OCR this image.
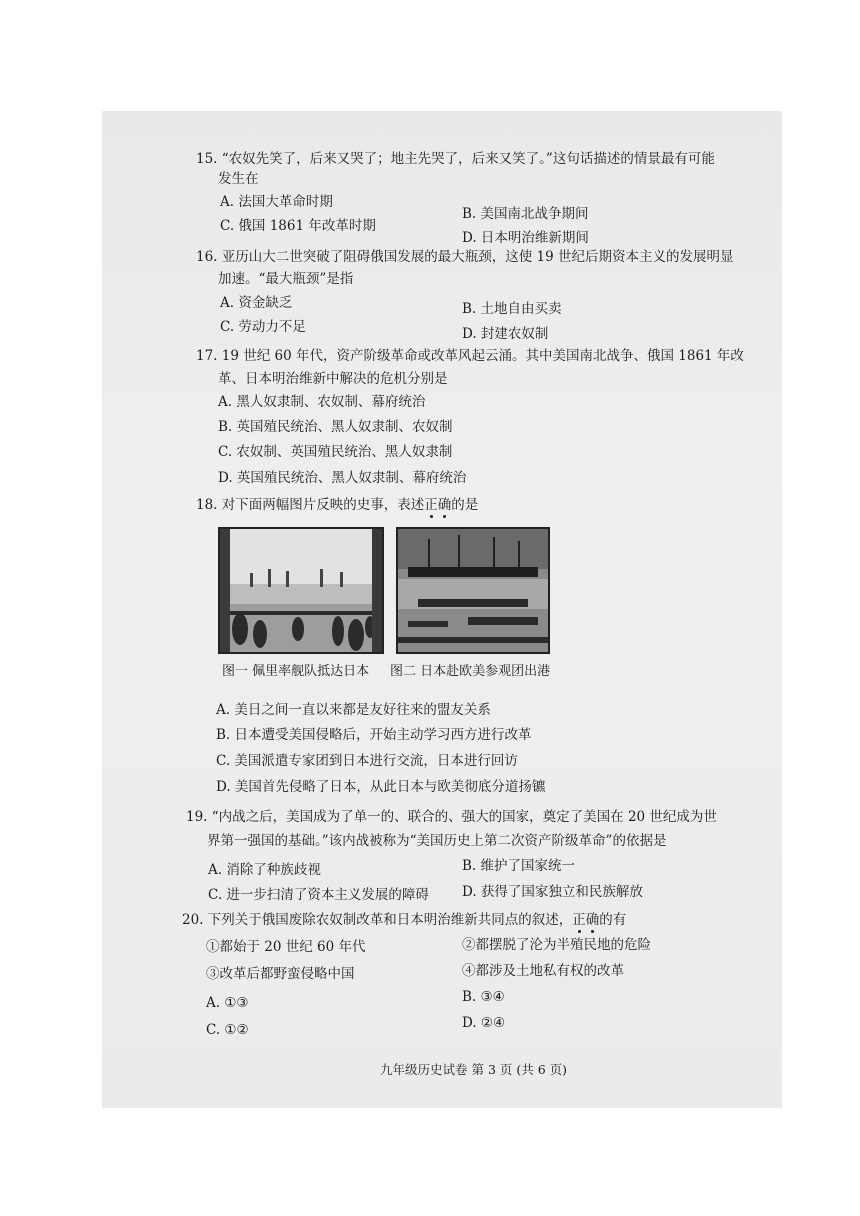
15. “农奴先笑了，后来又哭了；地主先哭了，后来又笑了。”这句话描述的情景最有可能
发生在
A. 法国大革命时期
B. 美国南北战争期间
C. 俄国 1861 年改革时期
D. 日本明治维新期间
16. 亚历山大二世突破了阻碍俄国发展的最大瓶颈，这使 19 世纪后期资本主义的发展明显
加速。“最大瓶颈”是指
A. 资金缺乏	B. 土地自由买卖
C. 劳动力不足	D. 封建农奴制
17. 19 世纪 60 年代，资产阶级革命或改革风起云涌。其中美国南北战争、俄国 1861 年改
革、日本明治维新中解决的危机分别是
A. 黑人奴隶制、农奴制、幕府统治
B. 英国殖民统治、黑人奴隶制、农奴制
C. 农奴制、英国殖民统治、黑人奴隶制
D. 英国殖民统治、黑人奴隶制、幕府统治
18. 对下面两幅图片反映的史事，表述正确的是
图一 佩里率舰队抵达日本 图二 日本赴欧美参观团出港
A. 美日之间一直以来都是友好往来的盟友关系
B. 日本遭受美国侵略后，开始主动学习西方进行改革
C. 美国派遣专家团到日本进行交流，日本进行回访
D. 美国首先侵略了日本，从此日本与欧美彻底分道扬镳
19. “内战之后，美国成为了单一的、联合的、强大的国家，奠定了美国在 20 世纪成为世
界第一强国的基础。”该内战被称为“美国历史上第二次资产阶级革命”的依据是
A. 消除了种族歧视	B. 维护了国家统一
C. 进一步扫清了资本主义发展的障碍 D. 获得了国家独立和民族解放
20. 下列关于俄国废除农奴制改革和日本明治维新共同点的叙述，正确的有
①都始于 20 世纪 60 年代	②都摆脱了沦为半殖民地的危险
③改革后都野蛮侵略中国	④都涉及土地私有权的改革
A. ①③	B. ③④
C. ①②	D. ②④
九年级历史试卷 第 3 页 (共 6 页)
